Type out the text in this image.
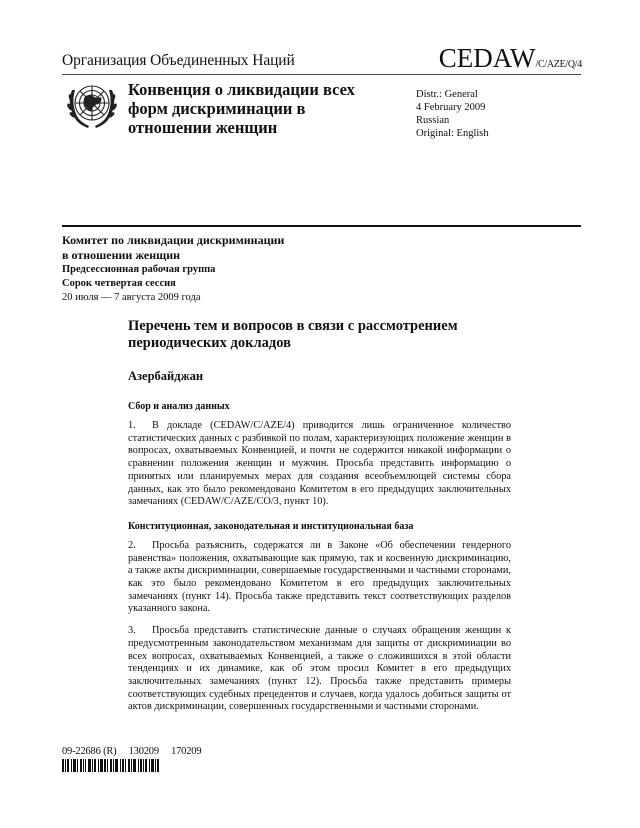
Организация Объединенных Наций	CEDAW/C/AZE/Q/4
Конвенция о ликвидации всех
форм дискриминации в
отношении женщин
Distr.: General
4 February 2009
Russian
Original: English
Комитет по ликвидации дискриминации
в отношении женщин
Предсессионная рабочая группа
Сорок четвертая сессия
20 июля — 7 августа 2009 года
Перечень тем и вопросов в связи с рассмотрением периодических докладов
Азербайджан
Сбор и анализ данных

1. В докладе (CEDAW/C/AZE/4) приводится лишь ограниченное количество статистических данных с разбивкой по полам, характеризующих положение женщин в вопросах, охватываемых Конвенцией, и почти не содержится никакой информации о сравнении положения женщин и мужчин. Просьба представить информацию о принятых или планируемых мерах для создания всеобъемлющей системы сбора данных, как это было рекомендовано Комитетом в его предыдущих заключительных замечаниях (CEDAW/C/AZE/CO/3, пункт 10).

Конституционная, законодательная и институциональная база

2. Просьба разъяснить, содержатся ли в Законе «Об обеспечении гендерного равенства» положения, охватывающие как прямую, так и косвенную дискриминацию, а также акты дискриминации, совершаемые государственными и частными сторонами, как это было рекомендовано Комитетом в его предыдущих заключительных замечаниях (пункт 14). Просьба также представить текст соответствующих разделов указанного закона.

3. Просьба представить статистические данные о случаях обращения женщин к предусмотренным законодательством механизмам для защиты от дискриминации во всех вопросах, охватываемых Конвенцией, а также о сложившихся в этой области тенденциях и их динамике, как об этом просил Комитет в его предыдущих заключительных замечаниях (пункт 12). Просьба также представить примеры соответствующих судебных прецедентов и случаев, когда удалось добиться защиты от актов дискриминации, совершенных государственными и частными сторонами.

09-22686 (R) 130209 170209
